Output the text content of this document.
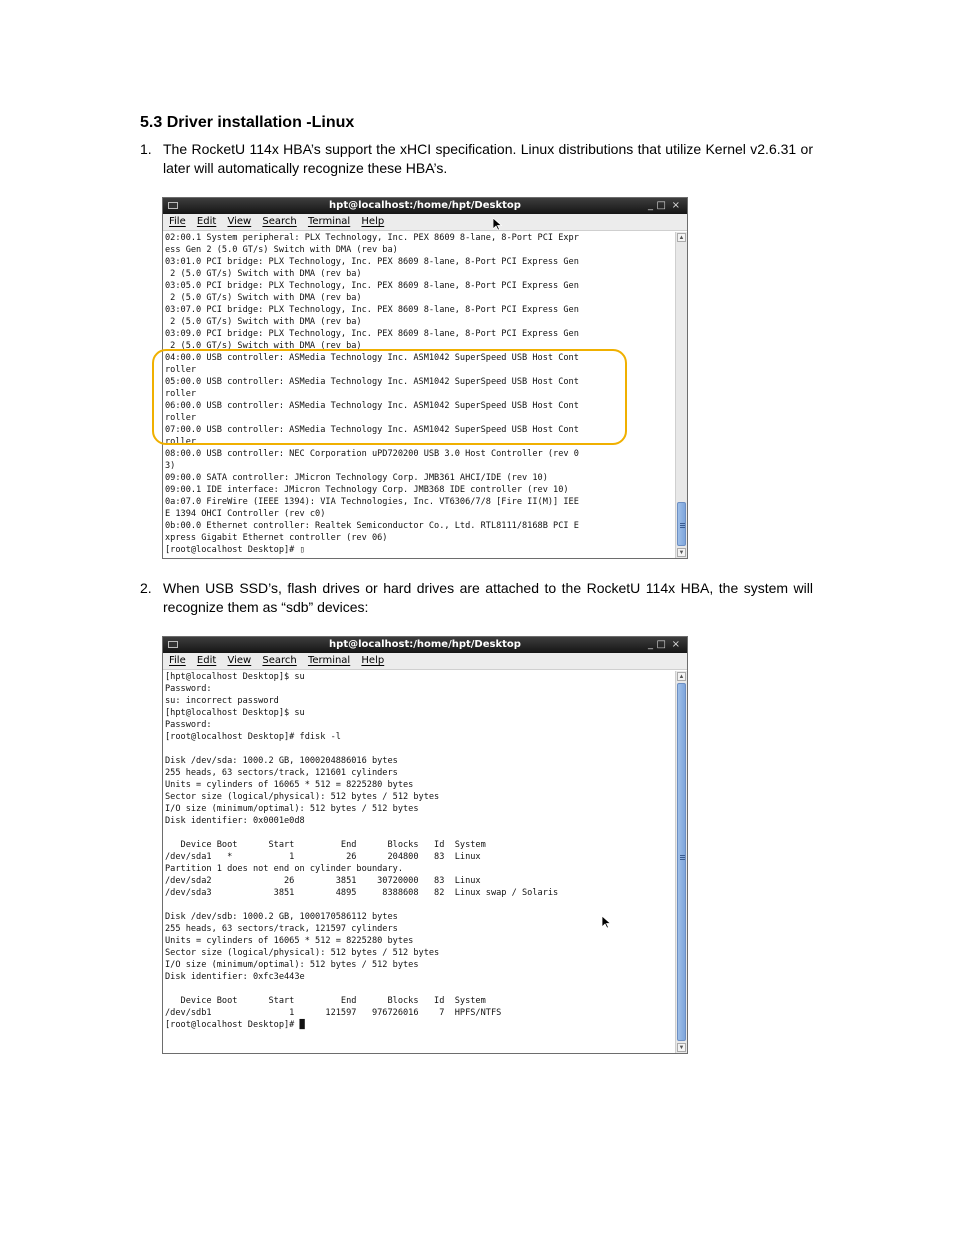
5.3 Driver installation -Linux
1. The RocketU 114x HBA’s support the xHCI specification. Linux distributions that utilize Kernel v2.6.31 or later will automatically recognize these HBA’s.
hpt@localhost:/home/hpt/Desktop	_ □ ×
File Edit View Search Terminal Help
02:00.1 System peripheral: PLX Technology, Inc. PEX 8609 8-lane, 8-Port PCI Expr
ess Gen 2 (5.0 GT/s) Switch with DMA (rev ba)
03:01.0 PCI bridge: PLX Technology, Inc. PEX 8609 8-lane, 8-Port PCI Express Gen
2 (5.0 GT/s) Switch with DMA (rev ba)
03:05.0 PCI bridge: PLX Technology, Inc. PEX 8609 8-lane, 8-Port PCI Express Gen
2 (5.0 GT/s) Switch with DMA (rev ba)
03:07.0 PCI bridge: PLX Technology, Inc. PEX 8609 8-lane, 8-Port PCI Express Gen
2 (5.0 GT/s) Switch with DMA (rev ba)
03:09.0 PCI bridge: PLX Technology, Inc. PEX 8609 8-lane, 8-Port PCI Express Gen
2 (5.0 GT/s) Switch with DMA (rev ba)
04:00.0 USB controller: ASMedia Technology Inc. ASM1042 SuperSpeed USB Host Cont
roller
05:00.0 USB controller: ASMedia Technology Inc. ASM1042 SuperSpeed USB Host Cont
roller
06:00.0 USB controller: ASMedia Technology Inc. ASM1042 SuperSpeed USB Host Cont
roller
07:00.0 USB controller: ASMedia Technology Inc. ASM1042 SuperSpeed USB Host Cont
roller
08:00.0 USB controller: NEC Corporation uPD720200 USB 3.0 Host Controller (rev 0
3)
09:00.0 SATA controller: JMicron Technology Corp. JMB361 AHCI/IDE (rev 10)
09:00.1 IDE interface: JMicron Technology Corp. JMB368 IDE controller (rev 10)
0a:07.0 FireWire (IEEE 1394): VIA Technologies, Inc. VT6306/7/8 [Fire II(M)] IEE
E 1394 OHCI Controller (rev c0)
0b:00.0 Ethernet controller: Realtek Semiconductor Co., Ltd. RTL8111/8168B PCI E
xpress Gigabit Ethernet controller (rev 06)
[root@localhost Desktop]# ▯
▲
▼
2. When USB SSD’s, flash drives or hard drives are attached to the RocketU 114x HBA, the system will recognize them as “sdb” devices:
hpt@localhost:/home/hpt/Desktop	_ □ ×
File Edit View Search Terminal Help
[hpt@localhost Desktop]$ su
Password:
su: incorrect password
[hpt@localhost Desktop]$ su
Password:
[root@localhost Desktop]# fdisk -l

Disk /dev/sda: 1000.2 GB, 1000204886016 bytes
255 heads, 63 sectors/track, 121601 cylinders
Units = cylinders of 16065 * 512 = 8225280 bytes
Sector size (logical/physical): 512 bytes / 512 bytes
I/O size (minimum/optimal): 512 bytes / 512 bytes
Disk identifier: 0x0001e0d8

Device Boot      Start         End      Blocks   Id  System
/dev/sda1   *           1          26      204800   83  Linux
Partition 1 does not end on cylinder boundary.
/dev/sda2              26        3851    30720000   83  Linux
/dev/sda3            3851        4895     8388608   82  Linux swap / Solaris

Disk /dev/sdb: 1000.2 GB, 1000170586112 bytes
255 heads, 63 sectors/track, 121597 cylinders
Units = cylinders of 16065 * 512 = 8225280 bytes
Sector size (logical/physical): 512 bytes / 512 bytes
I/O size (minimum/optimal): 512 bytes / 512 bytes
Disk identifier: 0xfc3e443e

Device Boot      Start         End      Blocks   Id  System
/dev/sdb1               1      121597   976726016    7  HPFS/NTFS
[root@localhost Desktop]# █
▲
▼
